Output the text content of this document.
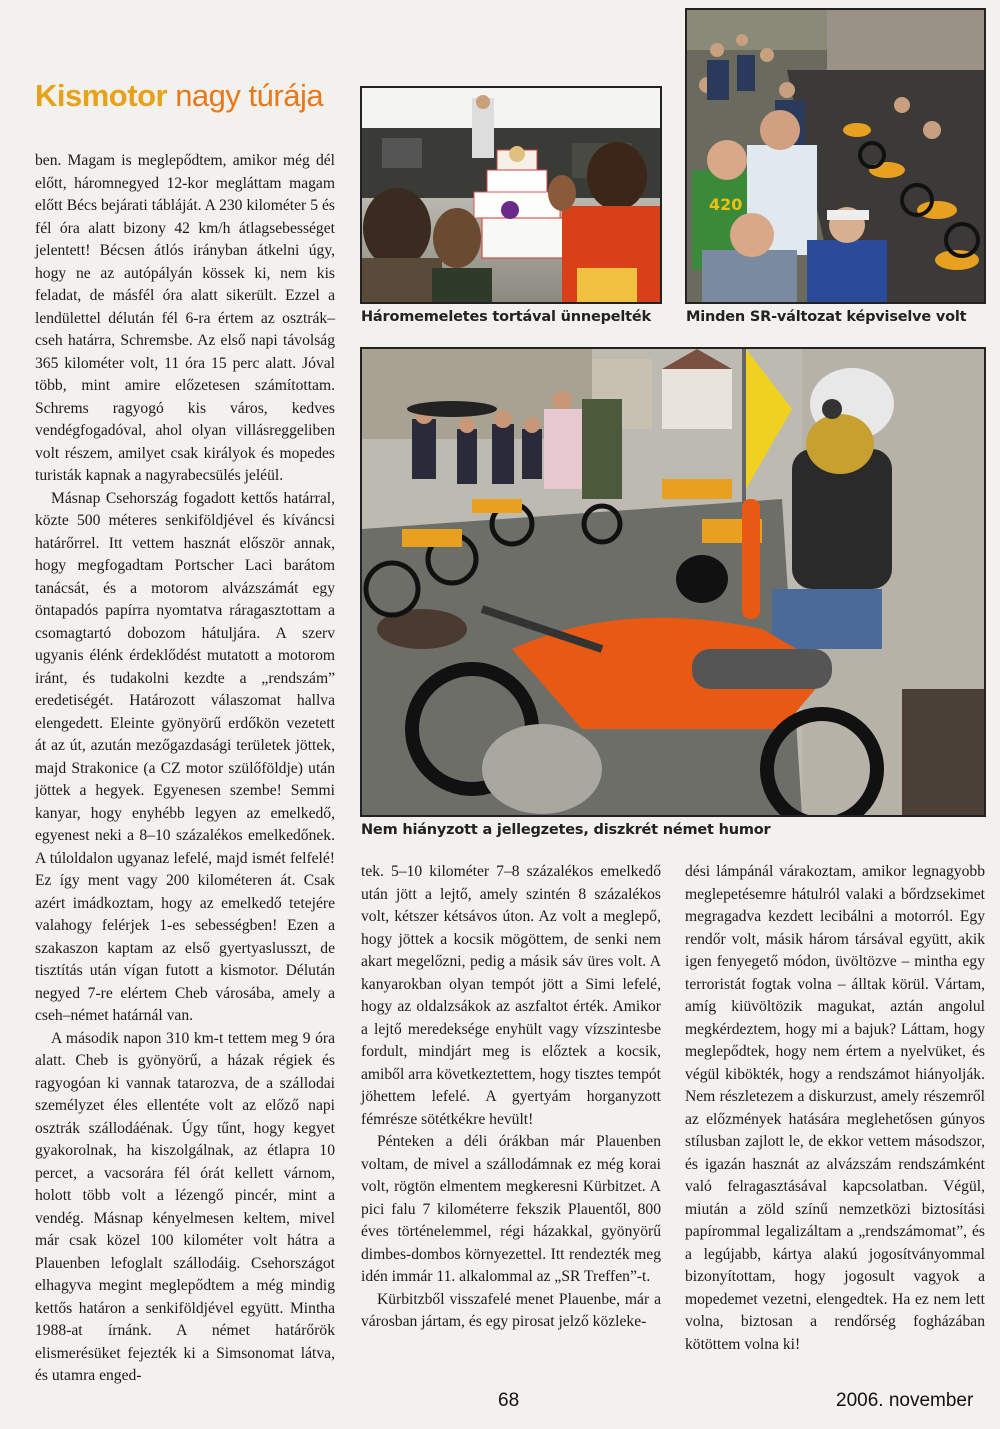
Kismotor nagy túrája

ben. Magam is meglepődtem, amikor még dél előtt, háromnegyed 12-kor megláttam magam előtt Bécs bejárati tábláját. A 230 kilométer 5 és fél óra alatt bizony 42 km/h átlagsebességet jelentett! Bécsen átlós irányban átkelni úgy, hogy ne az autópályán kössek ki, nem kis feladat, de másfél óra alatt sikerült. Ezzel a lendülettel délután fél 6-ra értem az osztrák–cseh határra, Schremsbe. Az első napi távolság 365 kilométer volt, 11 óra 15 perc alatt. Jóval több, mint amire előzetesen számítottam. Schrems ragyogó kis város, kedves vendégfogadóval, ahol olyan villásreggeliben volt részem, amilyet csak királyok és mopedes turisták kapnak a nagyrabecsülés jeléül.

Másnap Csehország fogadott kettős határral, közte 500 méteres senkiföldjével és kíváncsi határőrrel. Itt vettem hasznát először annak, hogy megfogadtam Portscher Laci barátom tanácsát, és a motorom alvázszámát egy öntapadós papírra nyomtatva ráragasztottam a csomagtartó dobozom hátuljára. A szerv ugyanis élénk érdeklődést mutatott a motorom iránt, és tudakolni kezdte a „rendszám” eredetiségét. Határozott válaszomat hallva elengedett. Eleinte gyönyörű erdőkön vezetett át az út, azután mezőgazdasági területek jöttek, majd Strakonice (a CZ motor szülőföldje) után jöttek a hegyek. Egyenesen szembe! Semmi kanyar, hogy enyhébb legyen az emelkedő, egyenest neki a 8–10 százalékos emelkedőnek. A túloldalon ugyanaz lefelé, majd ismét felfelé! Ez így ment vagy 200 kilométeren át. Csak azért imádkoztam, hogy az emelkedő tetejére valahogy felérjek 1-es sebességben! Ezen a szakaszon kaptam az első gyertyaslusszt, de tisztítás után vígan futott a kismotor. Délután negyed 7-re elértem Cheb városába, amely a cseh–német határnál van.

A második napon 310 km-t tettem meg 9 óra alatt. Cheb is gyönyörű, a házak régiek és ragyogóan ki vannak tatarozva, de a szállodai személyzet éles ellentéte volt az előző napi osztrák szállodáénak. Úgy tűnt, hogy kegyet gyakorolnak, ha kiszolgálnak, az étlapra 10 percet, a vacsorára fél órát kellett várnom, holott több volt a lézengő pincér, mint a vendég. Másnap kényelmesen keltem, mivel már csak közel 100 kilométer volt hátra a Plauenben lefoglalt szállodáig. Csehországot elhagyva megint meglepődtem a még mindig kettős határon a senkiföldjével együtt. Mintha 1988-at írnánk. A német határőrök elismerésüket fejezték ki a Simsonomat látva, és utamra enged-

Háromemeletes tortával ünnepelték
420
Minden SR-változat képviselve volt
Nem hiányzott a jellegzetes, diszkrét német humor

tek. 5–10 kilométer 7–8 százalékos emelkedő után jött a lejtő, amely szintén 8 százalékos volt, kétszer kétsávos úton. Az volt a meglepő, hogy jöttek a kocsik mögöttem, de senki nem akart megelőzni, pedig a másik sáv üres volt. A kanyarokban olyan tempót jött a Simi lefelé, hogy az oldalzsákok az aszfaltot érték. Amikor a lejtő meredeksége enyhült vagy vízszintesbe fordult, mindjárt meg is előztek a kocsik, amiből arra következtettem, hogy tisztes tempót jöhettem lefelé. A gyertyám horganyzott fémrésze sötétkékre hevült!

Pénteken a déli órákban már Plauenben voltam, de mivel a szállodámnak ez még korai volt, rögtön elmentem megkeresni Kürbitzet. A pici falu 7 kilométerre fekszik Plauentől, 800 éves történelemmel, régi házakkal, gyönyörű dimbes-dombos környezettel. Itt rendezték meg idén immár 11. alkalommal az „SR Treffen”-t.

Kürbitzből visszafelé menet Plauenbe, már a városban jártam, és egy pirosat jelző közleke-

dési lámpánál várakoztam, amikor legnagyobb meglepetésemre hátulról valaki a bőrdzsekimet megragadva kezdett lecibálni a motorról. Egy rendőr volt, másik három társával együtt, akik igen fenyegető módon, üvöltözve – mintha egy terroristát fogtak volna – álltak körül. Vártam, amíg kiüvöltözik magukat, aztán angolul megkérdeztem, hogy mi a bajuk? Láttam, hogy meglepődtek, hogy nem értem a nyelvüket, és végül kibökték, hogy a rendszámot hiányolják. Nem részletezem a diskurzust, amely részemről az előzmények hatására meglehetősen gúnyos stílusban zajlott le, de ekkor vettem másodszor, és igazán hasznát az alvázszám rendszámként való felragasztásával kapcsolatban. Végül, miután a zöld színű nemzetközi biztosítási papírommal legalizáltam a „rendszámomat”, és a legújabb, kártya alakú jogosítványommal bizonyítottam, hogy jogosult vagyok a mopedemet vezetni, elengedtek. Ha ez nem lett volna, biztosan a rendőrség fogházában kötöttem volna ki!

68	2006. november
